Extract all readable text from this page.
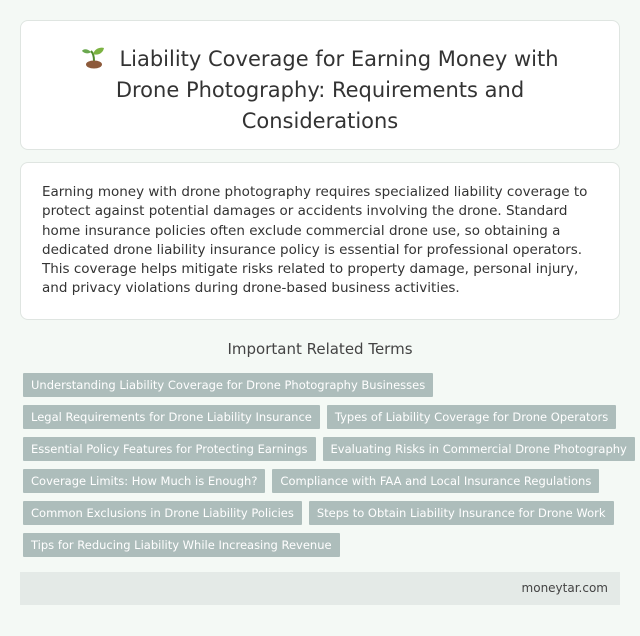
Liability Coverage for Earning Money with Drone Photography: Requirements and Considerations

Earning money with drone photography requires specialized liability coverage to protect against potential damages or accidents involving the drone. Standard home insurance policies often exclude commercial drone use, so obtaining a dedicated drone liability insurance policy is essential for professional operators. This coverage helps mitigate risks related to property damage, personal injury, and privacy violations during drone-based business activities.

Important Related Terms
Understanding Liability Coverage for Drone Photography Businesses
Legal Requirements for Drone Liability Insurance	Types of Liability Coverage for Drone Operators
Essential Policy Features for Protecting Earnings	Evaluating Risks in Commercial Drone Photography
Coverage Limits: How Much is Enough?	Compliance with FAA and Local Insurance Regulations
Common Exclusions in Drone Liability Policies	Steps to Obtain Liability Insurance for Drone Work
Tips for Reducing Liability While Increasing Revenue
moneytar.com
